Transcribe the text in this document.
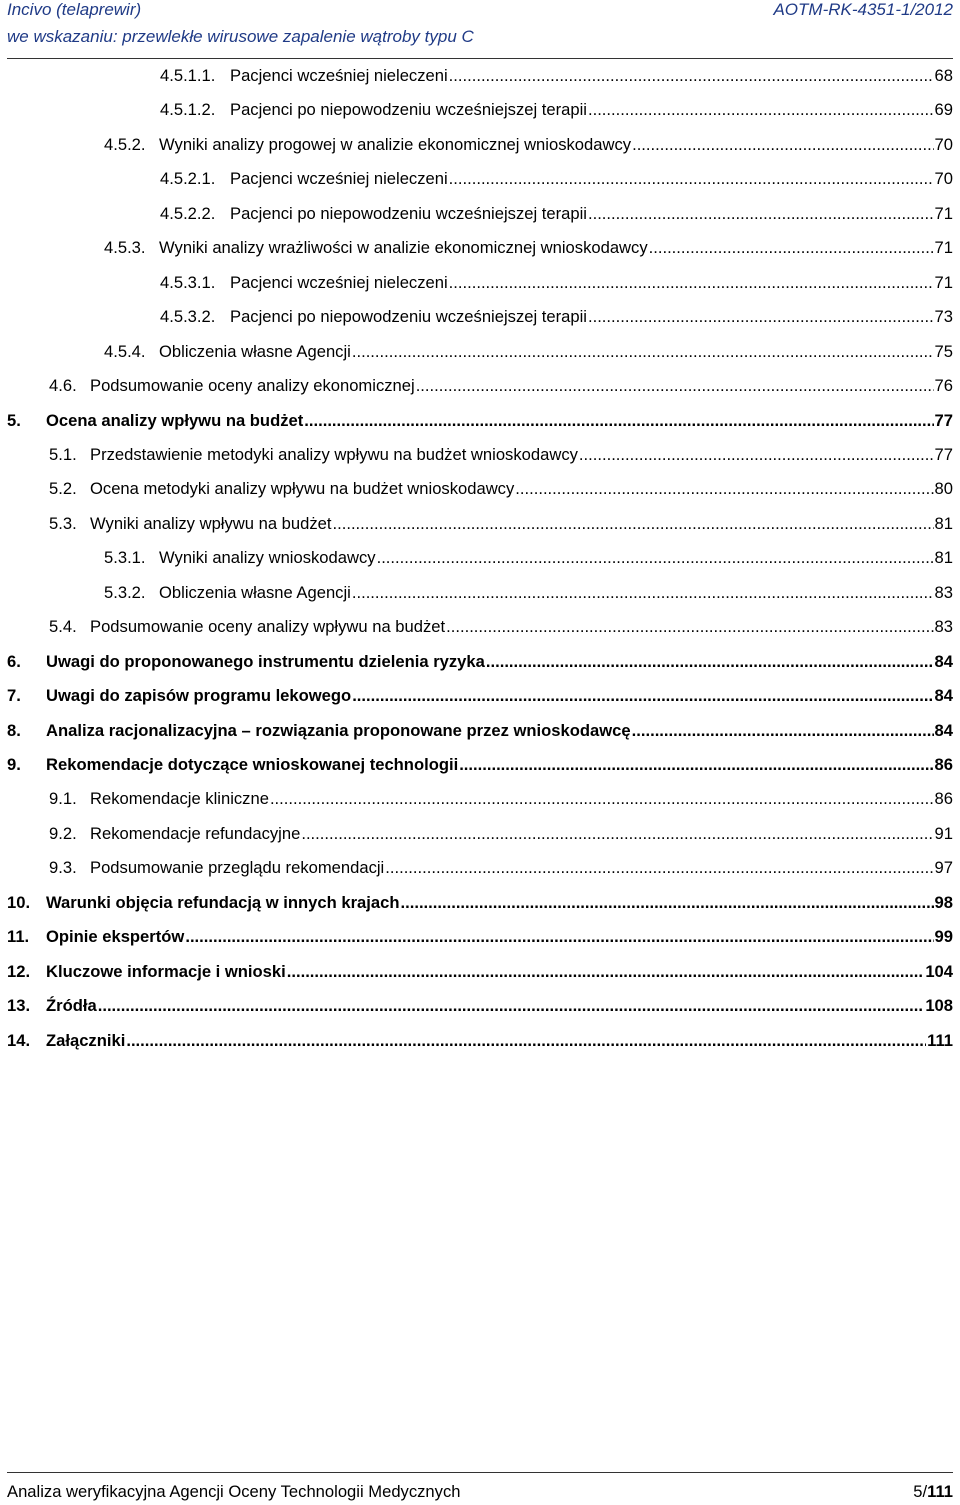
Incivo (telaprewir)	AOTM-RK-4351-1/2012
we wskazaniu: przewlekłe wirusowe zapalenie wątroby typu C
4.5.1.1. Pacjenci wcześniej nieleczeni .....	68
4.5.1.2. Pacjenci po niepowodzeniu wcześniejszej terapii .....	69
4.5.2. Wyniki analizy progowej w analizie ekonomicznej wnioskodawcy .....	70
4.5.2.1. Pacjenci wcześniej nieleczeni .....	70
4.5.2.2. Pacjenci po niepowodzeniu wcześniejszej terapii .....	71
4.5.3. Wyniki analizy wrażliwości w analizie ekonomicznej wnioskodawcy .....	71
4.5.3.1. Pacjenci wcześniej nieleczeni .....	71
4.5.3.2. Pacjenci po niepowodzeniu wcześniejszej terapii .....	73
4.5.4. Obliczenia własne Agencji .....	75
4.6. Podsumowanie oceny analizy ekonomicznej .....	76
5.	Ocena analizy wpływu na budżet .....	77
5.1. Przedstawienie metodyki analizy wpływu na budżet wnioskodawcy .....	77
5.2. Ocena metodyki analizy wpływu na budżet wnioskodawcy .....	80
5.3. Wyniki analizy wpływu na budżet .....	81
5.3.1. Wyniki analizy wnioskodawcy .....	81
5.3.2. Obliczenia własne Agencji .....	83
5.4. Podsumowanie oceny analizy wpływu na budżet .....	83
6.	Uwagi do proponowanego instrumentu dzielenia ryzyka .....	84
7.	Uwagi do zapisów programu lekowego .....	84
8.	Analiza racjonalizacyjna – rozwiązania proponowane przez wnioskodawcę .....	84
9.	Rekomendacje dotyczące wnioskowanej technologii .....	86
9.1. Rekomendacje kliniczne .....	86
9.2. Rekomendacje refundacyjne .....	91
9.3. Podsumowanie przeglądu rekomendacji .....	97
10. Warunki objęcia refundacją w innych krajach .....	98
11.	Opinie ekspertów .....	99
12. Kluczowe informacje i wnioski .....	104
13. Źródła .....	108
14. Załączniki .....	111
Analiza weryfikacyjna Agencji Oceny Technologii Medycznych	5/111
